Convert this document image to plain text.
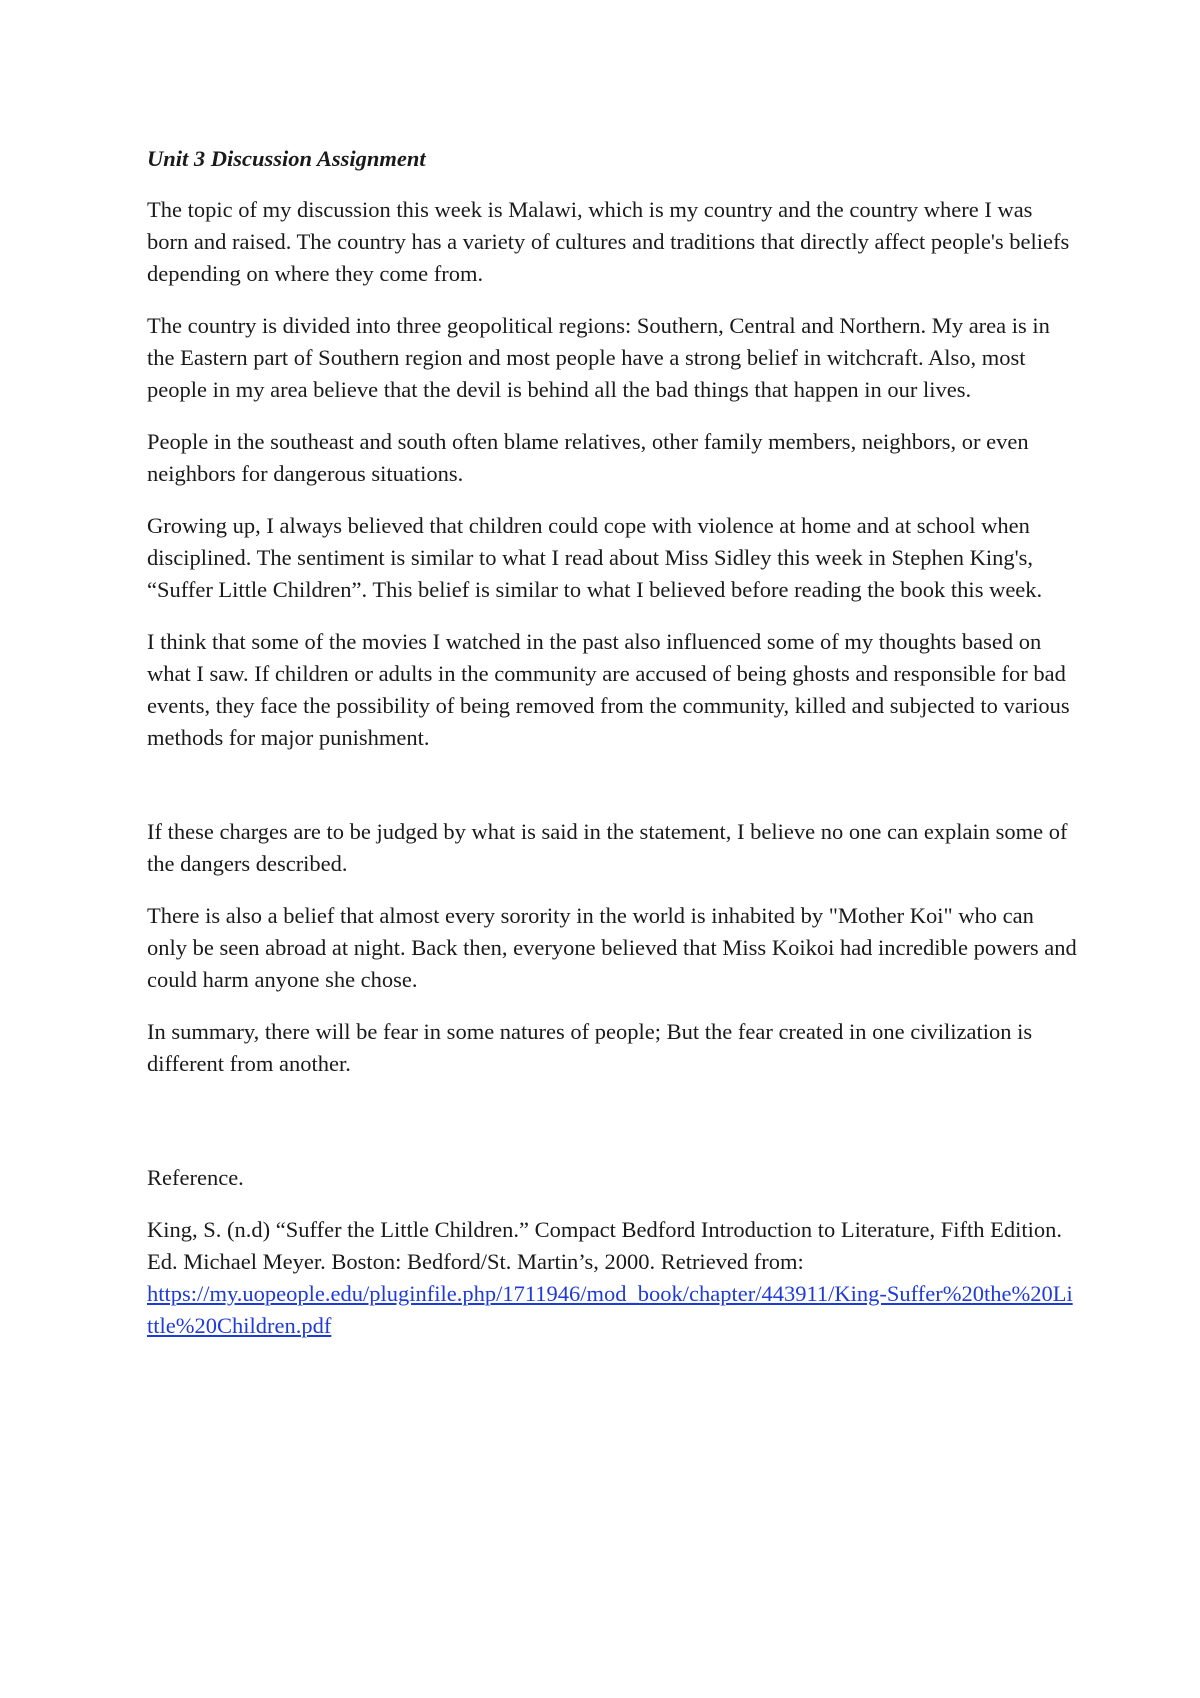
Unit 3 Discussion Assignment

The topic of my discussion this week is Malawi, which is my country and the country where I was born and raised. The country has a variety of cultures and traditions that directly affect people's beliefs depending on where they come from.

The country is divided into three geopolitical regions: Southern, Central and Northern. My area is in the Eastern part of Southern region and most people have a strong belief in witchcraft. Also, most people in my area believe that the devil is behind all the bad things that happen in our lives.

People in the southeast and south often blame relatives, other family members, neighbors, or even neighbors for dangerous situations.

Growing up, I always believed that children could cope with violence at home and at school when disciplined. The sentiment is similar to what I read about Miss Sidley this week in Stephen King's, “Suffer Little Children”. This belief is similar to what I believed before reading the book this week.

I think that some of the movies I watched in the past also influenced some of my thoughts based on what I saw. If children or adults in the community are accused of being ghosts and responsible for bad events, they face the possibility of being removed from the community, killed and subjected to various methods for major punishment.

If these charges are to be judged by what is said in the statement, I believe no one can explain some of the dangers described.

There is also a belief that almost every sorority in the world is inhabited by "Mother Koi" who can only be seen abroad at night. Back then, everyone believed that Miss Koikoi had incredible powers and could harm anyone she chose.

In summary, there will be fear in some natures of people; But the fear created in one civilization is different from another.

Reference.

King, S. (n.d) “Suffer the Little Children.” Compact Bedford Introduction to Literature, Fifth Edition. Ed. Michael Meyer. Boston: Bedford/St. Martin’s, 2000. Retrieved from:
https://my.uopeople.edu/pluginfile.php/1711946/mod_book/chapter/443911/King-Suffer%20the%20Little%20Children.pdf
